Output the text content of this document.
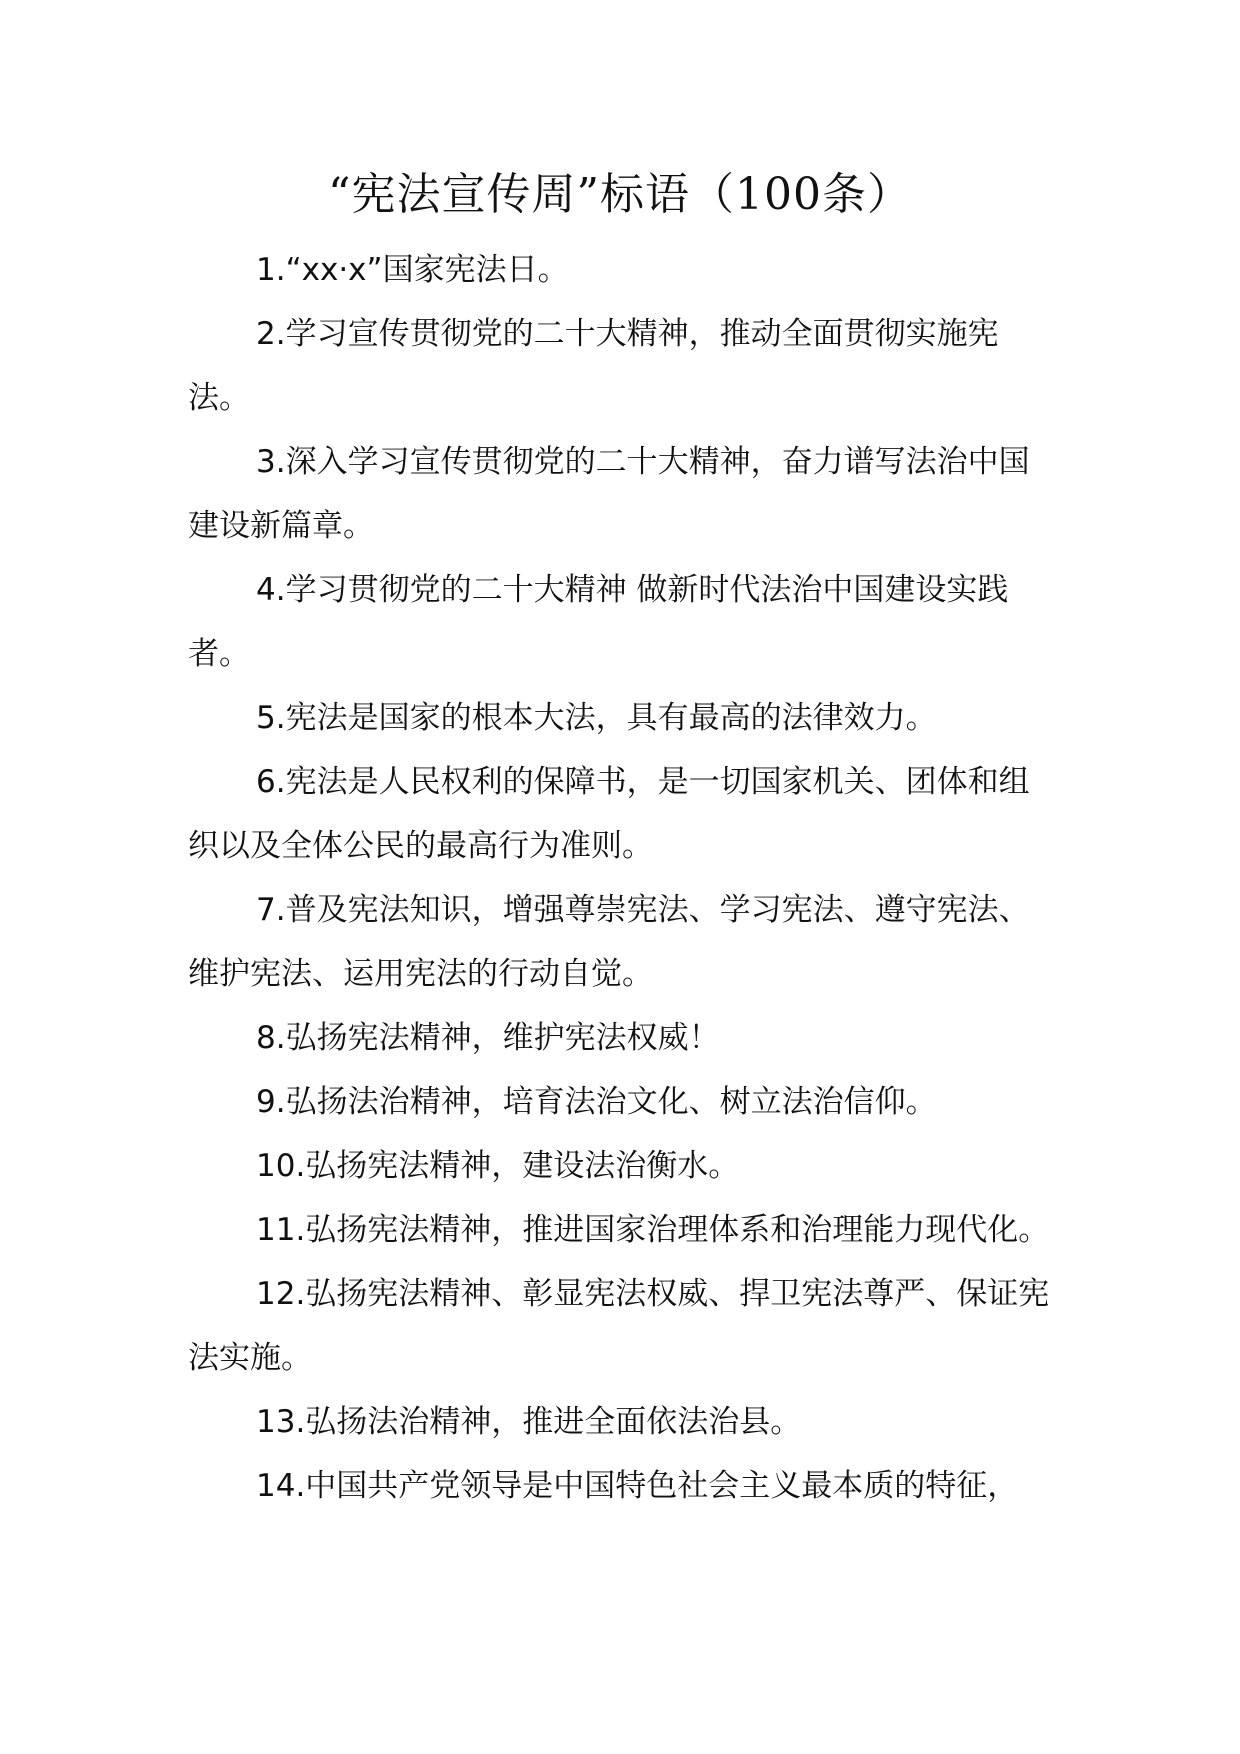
“宪法宣传周”标语（100条）
1.“xx·x”国家宪法日。
2.学习宣传贯彻党的二十大精神，推动全面贯彻实施宪法。
3.深入学习宣传贯彻党的二十大精神，奋力谱写法治中国建设新篇章。
4.学习贯彻党的二十大精神 做新时代法治中国建设实践者。
5.宪法是国家的根本大法，具有最高的法律效力。
6.宪法是人民权利的保障书，是一切国家机关、团体和组织以及全体公民的最高行为准则。
7.普及宪法知识，增强尊崇宪法、学习宪法、遵守宪法、维护宪法、运用宪法的行动自觉。
8.弘扬宪法精神，维护宪法权威！
9.弘扬法治精神，培育法治文化、树立法治信仰。
10.弘扬宪法精神，建设法治衡水。
11.弘扬宪法精神，推进国家治理体系和治理能力现代化。
12.弘扬宪法精神、彰显宪法权威、捍卫宪法尊严、保证宪法实施。
13.弘扬法治精神，推进全面依法治县。
14.中国共产党领导是中国特色社会主义最本质的特征，
